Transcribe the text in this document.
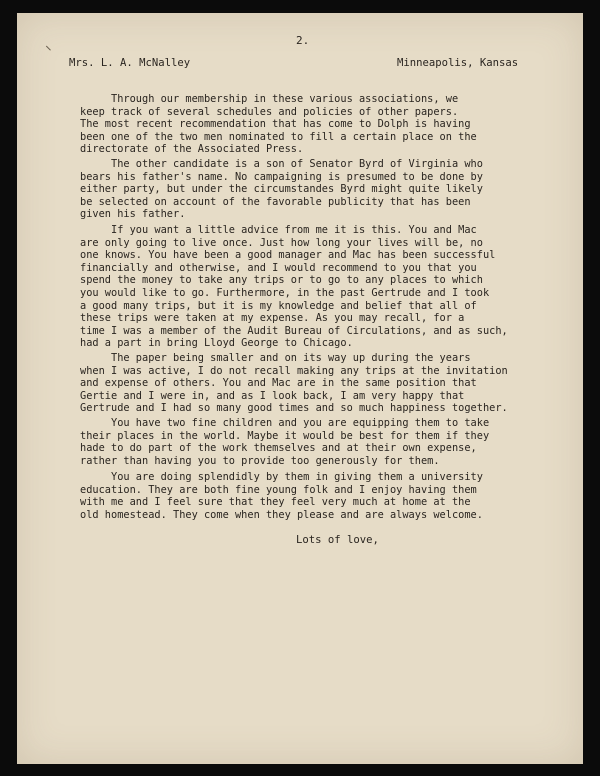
2.
Mrs. L. A. McNalley	Minneapolis, Kansas
Through our membership in these various associations, we
keep track of several schedules and policies of other papers.
The most recent recommendation that has come to Dolph is having
been one of the two men nominated to fill a certain place on the
directorate of the Associated Press.
The other candidate is a son of Senator Byrd of Virginia who
bears his father's name. No campaigning is presumed to be done by
either party, but under the circumstandes Byrd might quite likely
be selected on account of the favorable publicity that has been
given his father.
If you want a little advice from me it is this. You and Mac
are only going to live once. Just how long your lives will be, no
one knows. You have been a good manager and Mac has been successful
financially and otherwise, and I would recommend to you that you
spend the money to take any trips or to go to any places to which
you would like to go. Furthermore, in the past Gertrude and I took
a good many trips, but it is my knowledge and belief that all of
these trips were taken at my expense. As you may recall, for a
time I was a member of the Audit Bureau of Circulations, and as such,
had a part in bring Lloyd George to Chicago.
The paper being smaller and on its way up during the years
when I was active, I do not recall making any trips at the invitation
and expense of others. You and Mac are in the same position that
Gertie and I were in, and as I look back, I am very happy that
Gertrude and I had so many good times and so much happiness together.
You have two fine children and you are equipping them to take
their places in the world. Maybe it would be best for them if they
hade to do part of the work themselves and at their own expense,
rather than having you to provide too generously for them.
You are doing splendidly by them in giving them a university
education. They are both fine young folk and I enjoy having them
with me and I feel sure that they feel very much at home at the
old homestead. They come when they please and are always welcome.
Lots of love,
